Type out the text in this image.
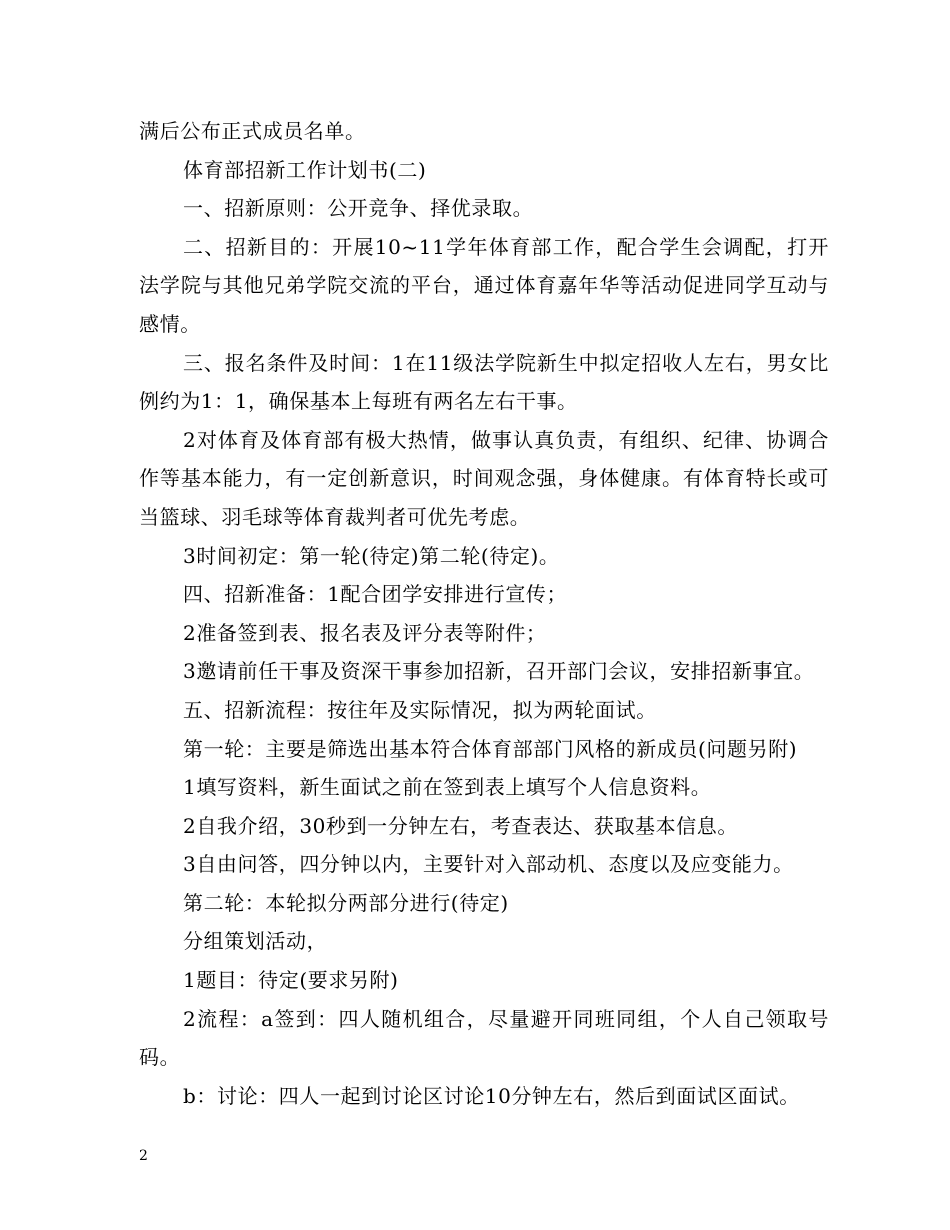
满后公布正式成员名单。

体育部招新工作计划书(二)

一、招新原则：公开竞争、择优录取。

二、招新目的：开展10~11学年体育部工作，配合学生会调配，打开法学院与其他兄弟学院交流的平台，通过体育嘉年华等活动促进同学互动与感情。

三、报名条件及时间：1在11级法学院新生中拟定招收人左右，男女比例约为1：1，确保基本上每班有两名左右干事。

2对体育及体育部有极大热情，做事认真负责，有组织、纪律、协调合作等基本能力，有一定创新意识，时间观念强，身体健康。有体育特长或可当篮球、羽毛球等体育裁判者可优先考虑。

3时间初定：第一轮(待定)第二轮(待定)。

四、招新准备：1配合团学安排进行宣传；

2准备签到表、报名表及评分表等附件；

3邀请前任干事及资深干事参加招新，召开部门会议，安排招新事宜。

五、招新流程：按往年及实际情况，拟为两轮面试。

第一轮：主要是筛选出基本符合体育部部门风格的新成员(问题另附)

1填写资料，新生面试之前在签到表上填写个人信息资料。

2自我介绍，30秒到一分钟左右，考查表达、获取基本信息。

3自由问答，四分钟以内，主要针对入部动机、态度以及应变能力。

第二轮：本轮拟分两部分进行(待定)

分组策划活动，

1题目：待定(要求另附)

2流程：a签到：四人随机组合，尽量避开同班同组，个人自己领取号码。

b：讨论：四人一起到讨论区讨论10分钟左右，然后到面试区面试。

2
